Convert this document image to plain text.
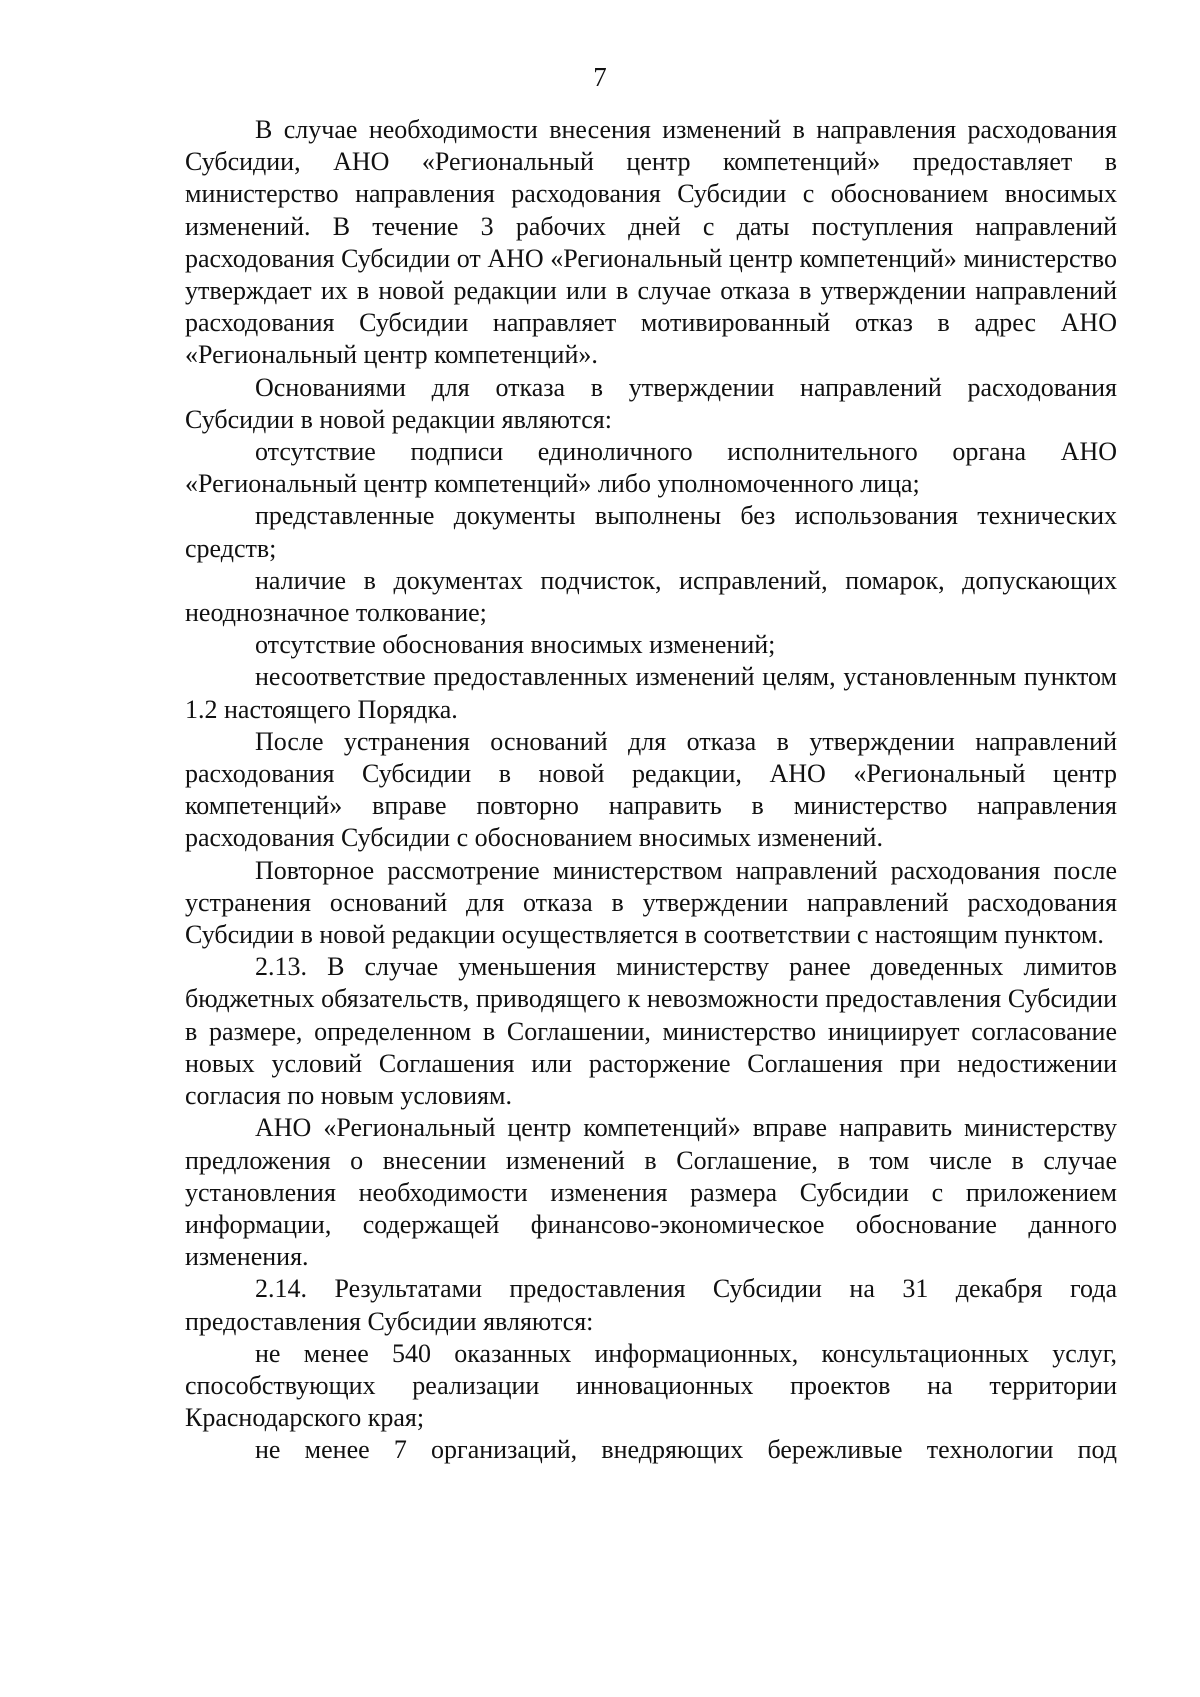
7

В случае необходимости внесения изменений в направления расходования Субсидии, АНО «Региональный центр компетенций» предоставляет в министерство направления расходования Субсидии с обоснованием вносимых изменений. В течение 3 рабочих дней с даты поступления направлений расходования Субсидии от АНО «Региональный центр компетенций» министерство утверждает их в новой редакции или в случае отказа в утверждении направлений расходования Субсидии направляет мотивированный отказ в адрес АНО «Региональный центр компетенций».

Основаниями для отказа в утверждении направлений расходования Субсидии в новой редакции являются:

отсутствие подписи единоличного исполнительного органа АНО «Региональный центр компетенций» либо уполномоченного лица;

представленные документы выполнены без использования технических средств;

наличие в документах подчисток, исправлений, помарок, допускающих неоднозначное толкование;

отсутствие обоснования вносимых изменений;

несоответствие предоставленных изменений целям, установленным пунктом 1.2 настоящего Порядка.

После устранения оснований для отказа в утверждении направлений расходования Субсидии в новой редакции, АНО «Региональный центр компетенций» вправе повторно направить в министерство направления расходования Субсидии с обоснованием вносимых изменений.

Повторное рассмотрение министерством направлений расходования после устранения оснований для отказа в утверждении направлений расходования Субсидии в новой редакции осуществляется в соответствии с настоящим пунктом.

2.13. В случае уменьшения министерству ранее доведенных лимитов бюджетных обязательств, приводящего к невозможности предоставления Субсидии в размере, определенном в Соглашении, министерство инициирует согласование новых условий Соглашения или расторжение Соглашения при недостижении согласия по новым условиям.

АНО «Региональный центр компетенций» вправе направить министерству предложения о внесении изменений в Соглашение, в том числе в случае установления необходимости изменения размера Субсидии с приложением информации, содержащей финансово-экономическое обоснование данного изменения.

2.14. Результатами предоставления Субсидии на 31 декабря года предоставления Субсидии являются:

не менее 540 оказанных информационных, консультационных услуг, способствующих реализации инновационных проектов на территории Краснодарского края;

не менее 7 организаций, внедряющих бережливые технологии под
